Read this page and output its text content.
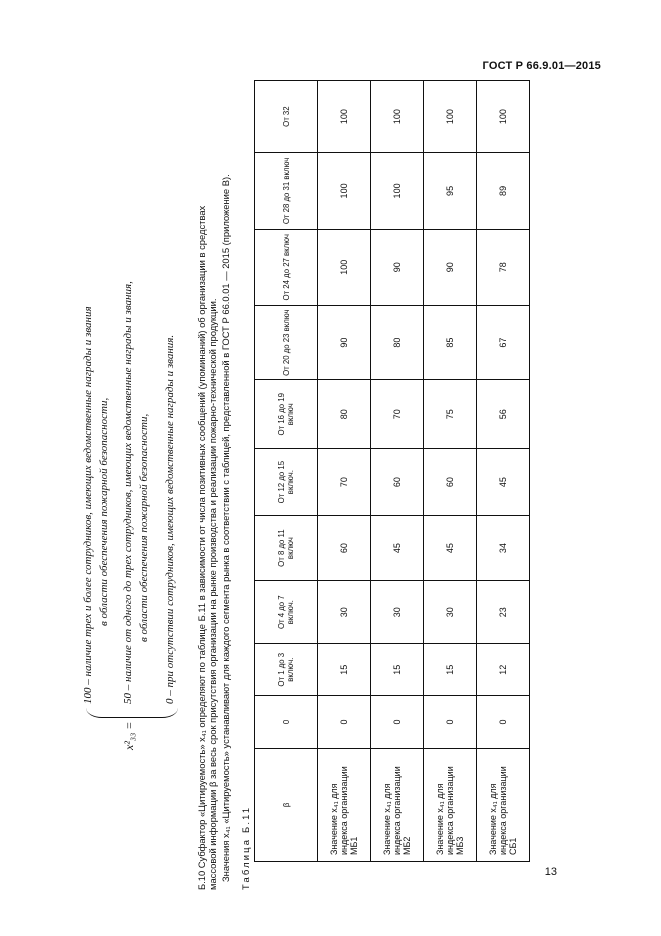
ГОСТ Р 66.9.01—2015
x²₃₃ =
100 – наличие трех и более сотрудников, имеющих ведомственные награды и звания в области обеспечения пожарной безопасности, 50 – наличие от одного до трех сотрудников, имеющих ведомственные награды и звания, в области обеспечения пожарной безопасности, 0 – при отсутствии сотрудников, имеющих ведомственные награды и звания. Б.10 Субфактор «Цитируемость» x₄₁ определяют по таблице Б.11 в зависимости от числа позитивных сообщений (упоминаний) об организации в средствах массовой информации β за весь срок присутствия организации на рынке производства и реализации пожарно-технической продукции. Значения x₄₁ «Цитируемость» устанавливают для каждого сегмента рынка в соответствии с таблицей, представленной в ГОСТ Р 66.0.01 — 2015 (приложение В). Таблица Б.11
β	0	От 1 до 3 включ.	От 4 до 7 включ.	От 8 до 11 включ	От 12 до 15 включ.	От 16 до 19 включ	От 20 до 23 включ	От 24 до 27 включ	От 28 до 31 включ	От 32
Значение x₄₁ для индекса организации МБ1	0	15	30	60	70	80	90	100	100	100
Значение x₄₁ для индекса организации МБ2	0	15	30	45	60	70	80	90	100	100
Значение x₄₁ для индекса организации МБ3	0	15	30	45	60	75	85	90	95	100
Значение x₄₁ для индекса организации СБ1	0	12	23	34	45	56	67	78	89	100
13
